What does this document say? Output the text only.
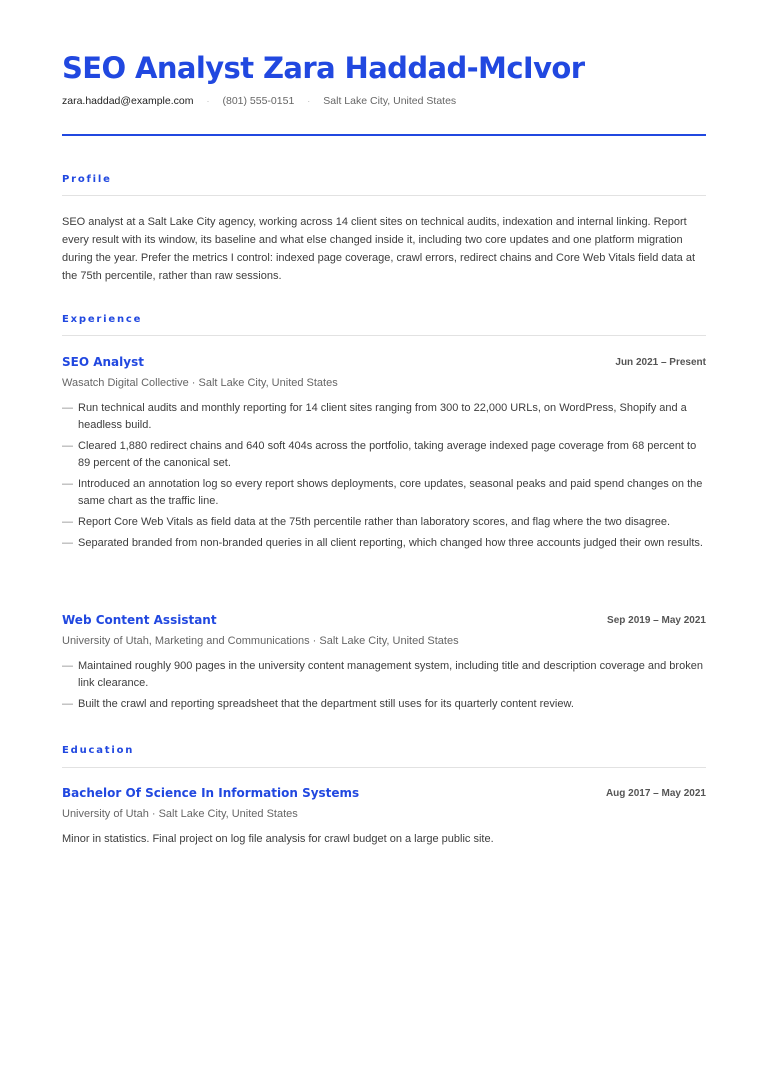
SEO Analyst Zara Haddad-McIvor
zara.haddad@example.com · (801) 555-0151 · Salt Lake City, United States
Profile

SEO analyst at a Salt Lake City agency, working across 14 client sites on technical audits, indexation and internal linking. Report every result with its window, its baseline and what else changed inside it, including two core updates and one platform migration during the year. Prefer the metrics I control: indexed page coverage, crawl errors, redirect chains and Core Web Vitals field data at the 75th percentile, rather than raw sessions.

Experience
SEO Analyst	Jun 2021 – Present
Wasatch Digital Collective · Salt Lake City, United States
— Run technical audits and monthly reporting for 14 client sites ranging from 300 to 22,000 URLs, on WordPress, Shopify and a headless build.
— Cleared 1,880 redirect chains and 640 soft 404s across the portfolio, taking average indexed page coverage from 68 percent to 89 percent of the canonical set.
— Introduced an annotation log so every report shows deployments, core updates, seasonal peaks and paid spend changes on the same chart as the traffic line.
— Report Core Web Vitals as field data at the 75th percentile rather than laboratory scores, and flag where the two disagree.
— Separated branded from non-branded queries in all client reporting, which changed how three accounts judged their own results.
Web Content Assistant	Sep 2019 – May 2021
University of Utah, Marketing and Communications · Salt Lake City, United States
— Maintained roughly 900 pages in the university content management system, including title and description coverage and broken link clearance.
— Built the crawl and reporting spreadsheet that the department still uses for its quarterly content review.
Education
Bachelor Of Science In Information Systems	Aug 2017 – May 2021
University of Utah · Salt Lake City, United States

Minor in statistics. Final project on log file analysis for crawl budget on a large public site.
